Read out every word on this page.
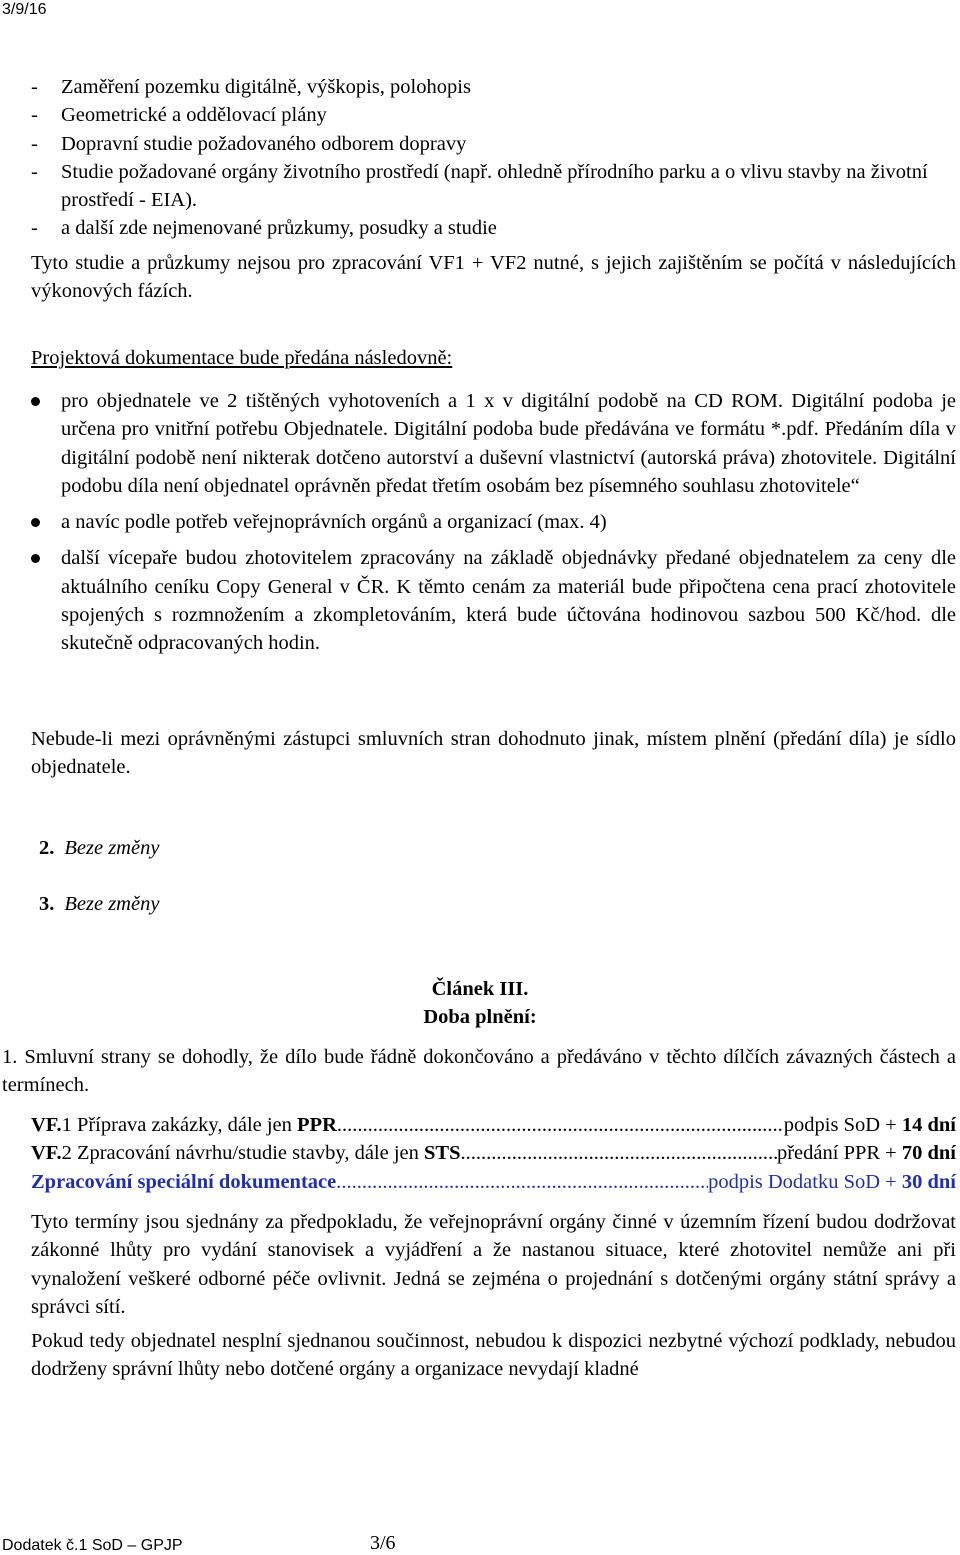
3/9/16
- Zaměření pozemku digitálně, výškopis, polohopis
- Geometrické a oddělovací plány
- Dopravní studie požadovaného odborem dopravy
- Studie požadované orgány životního prostředí (např. ohledně přírodního parku a o vlivu stavby na životní prostředí - EIA).
- a další zde nejmenované průzkumy, posudky a studie

Tyto studie a průzkumy nejsou pro zpracování VF1 + VF2 nutné, s jejich zajištěním se počítá v následujících výkonových fázích.

Projektová dokumentace bude předána následovně:

pro objednatele ve 2 tištěných vyhotoveních a 1 x v digitální podobě na CD ROM. Digitální podoba je určena pro vnitřní potřebu Objednatele. Digitální podoba bude předávána ve formátu *.pdf. Předáním díla v digitální podobě není nikterak dotčeno autorství a duševní vlastnictví (autorská práva) zhotovitele. Digitální podobu díla není objednatel oprávněn předat třetím osobám bez písemného souhlasu zhotovitele“
a navíc podle potřeb veřejnoprávních orgánů a organizací (max. 4)
další vícepaře budou zhotovitelem zpracovány na základě objednávky předané objednatelem za ceny dle aktuálního ceníku Copy General v ČR. K těmto cenám za materiál bude připočtena cena prací zhotovitele spojených s rozmnožením a zkompletováním, která bude účtována hodinovou sazbou 500 Kč/hod. dle skutečně odpracovaných hodin.

Nebude-li mezi oprávněnými zástupci smluvních stran dohodnuto jinak, místem plnění (předání díla) je sídlo objednatele.

2. Beze změny

3. Beze změny

Článek III.

Doba plnění:

1. Smluvní strany se dohodly, že dílo bude řádně dokončováno a předáváno v těchto dílčích závazných částech a termínech.

VF.1 Příprava zakázky, dále jen PPR .....	podpis SoD + 14 dní
VF.2 Zpracování návrhu/studie stavby, dále jen STS .....	předání PPR + 70 dní
Zpracování speciální dokumentace .....	podpis Dodatku SoD + 30 dní

Tyto termíny jsou sjednány za předpokladu, že veřejnoprávní orgány činné v územním řízení budou dodržovat zákonné lhůty pro vydání stanovisek a vyjádření a že nastanou situace, které zhotovitel nemůže ani při vynaložení veškeré odborné péče ovlivnit. Jedná se zejména o projednání s dotčenými orgány státní správy a správci sítí.

Pokud tedy objednatel nesplní sjednanou součinnost, nebudou k dispozici nezbytné výchozí podklady, nebudou dodrženy správní lhůty nebo dotčené orgány a organizace nevydají kladné

Dodatek č.1 SoD – GPJP	3/6
